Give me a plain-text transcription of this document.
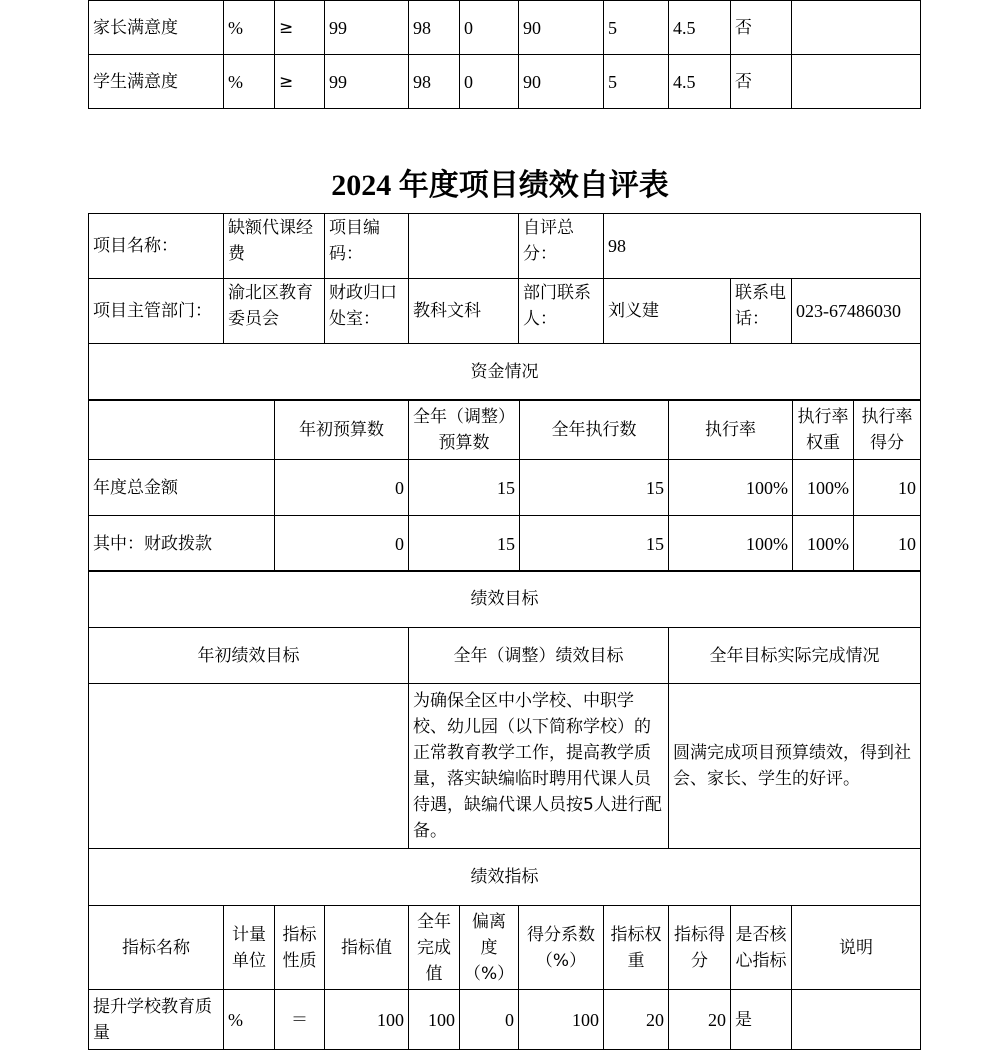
家长满意度	%	≥	99	98	0	90	5	4.5	否	
学生满意度	%	≥	99	98	0	90	5	4.5	否	
2024 年度项目绩效自评表
项目名称：	缺额代课经费	项目编码：		自评总分：	98		
项目主管部门：	渝北区教育委员会	财政归口处室：	教科文科	部门联系人：	刘义建	联系电话：	023-67486030
资金情况							
	年初预算数	全年（调整）预算数	全年执行数	执行率	执行率权重	执行率得分
年度总金额	0	15	15	100%	100%	10
其中：财政拨款	0	15	15	100%	100%	10
绩效目标		
年初绩效目标	全年（调整）绩效目标	全年目标实际完成情况
	为确保全区中小学校、中职学校、幼儿园（以下简称学校）的正常教育教学工作，提高教学质量，落实缺编临时聘用代课人员待遇，缺编代课人员按5人进行配备。	圆满完成项目预算绩效，得到社会、家长、学生的好评。
绩效指标										
指标名称	计量单位	指标性质	指标值	全年完成值	偏离度（%）	得分系数（%）	指标权重	指标得分	是否核心指标	说明
提升学校教育质量	%	＝	100	100	0	100	20	20	是	
